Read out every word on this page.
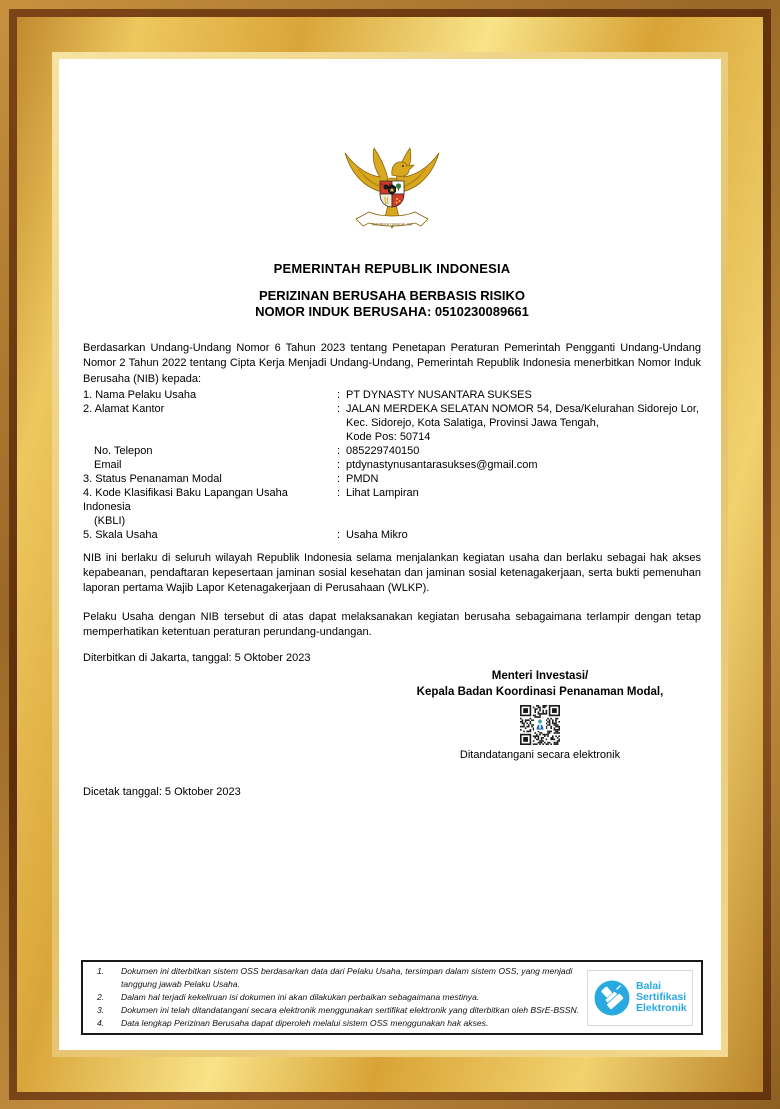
BHINNEKA TUNGGAL IKA
PEMERINTAH REPUBLIK INDONESIA
PERIZINAN BERUSAHA BERBASIS RISIKO
NOMOR INDUK BERUSAHA: 0510230089661

Berdasarkan Undang-Undang Nomor 6 Tahun 2023 tentang Penetapan Peraturan Pemerintah Pengganti Undang-Undang Nomor 2 Tahun 2022 tentang Cipta Kerja Menjadi Undang-Undang, Pemerintah Republik Indonesia menerbitkan Nomor Induk Berusaha (NIB) kepada:

1. Nama Pelaku Usaha	: PT DYNASTY NUSANTARA SUKSES
2. Alamat Kantor	: JALAN MERDEKA SELATAN NOMOR 54, Desa/Kelurahan Sidorejo Lor,
Kec. Sidorejo, Kota Salatiga, Provinsi Jawa Tengah,
Kode Pos: 50714
No. Telepon	: 085229740150
Email	: ptdynastynusantarasukses@gmail.com
3. Status Penanaman Modal	: PMDN
4. Kode Klasifikasi Baku Lapangan Usaha Indonesia
(KBLI)
: Lihat Lampiran
5. Skala Usaha	: Usaha Mikro

NIB ini berlaku di seluruh wilayah Republik Indonesia selama menjalankan kegiatan usaha dan berlaku sebagai hak akses kepabeanan, pendaftaran kepesertaan jaminan sosial kesehatan dan jaminan sosial ketenagakerjaan, serta bukti pemenuhan laporan pertama Wajib Lapor Ketenagakerjaan di Perusahaan (WLKP).

Pelaku Usaha dengan NIB tersebut di atas dapat melaksanakan kegiatan berusaha sebagaimana terlampir dengan tetap memperhatikan ketentuan peraturan perundang-undangan.

Diterbitkan di Jakarta, tanggal: 5 Oktober 2023
Menteri Investasi/
Kepala Badan Koordinasi Penanaman Modal,
Ditandatangani secara elektronik
Dicetak tanggal: 5 Oktober 2023
Dokumen ini diterbitkan sistem OSS berdasarkan data dari Pelaku Usaha, tersimpan dalam sistem OSS, yang menjadi tanggung jawab Pelaku Usaha.
Dalam hal terjadi kekeliruan isi dokumen ini akan dilakukan perbaikan sebagaimana mestinya.
Dokumen ini telah ditandatangani secara elektronik menggunakan sertifikat elektronik yang diterbitkan oleh BSrE-BSSN.
Data lengkap Perizinan Berusaha dapat diperoleh melalui sistem OSS menggunakan hak akses.
Balai
Sertifikasi
Elektronik
